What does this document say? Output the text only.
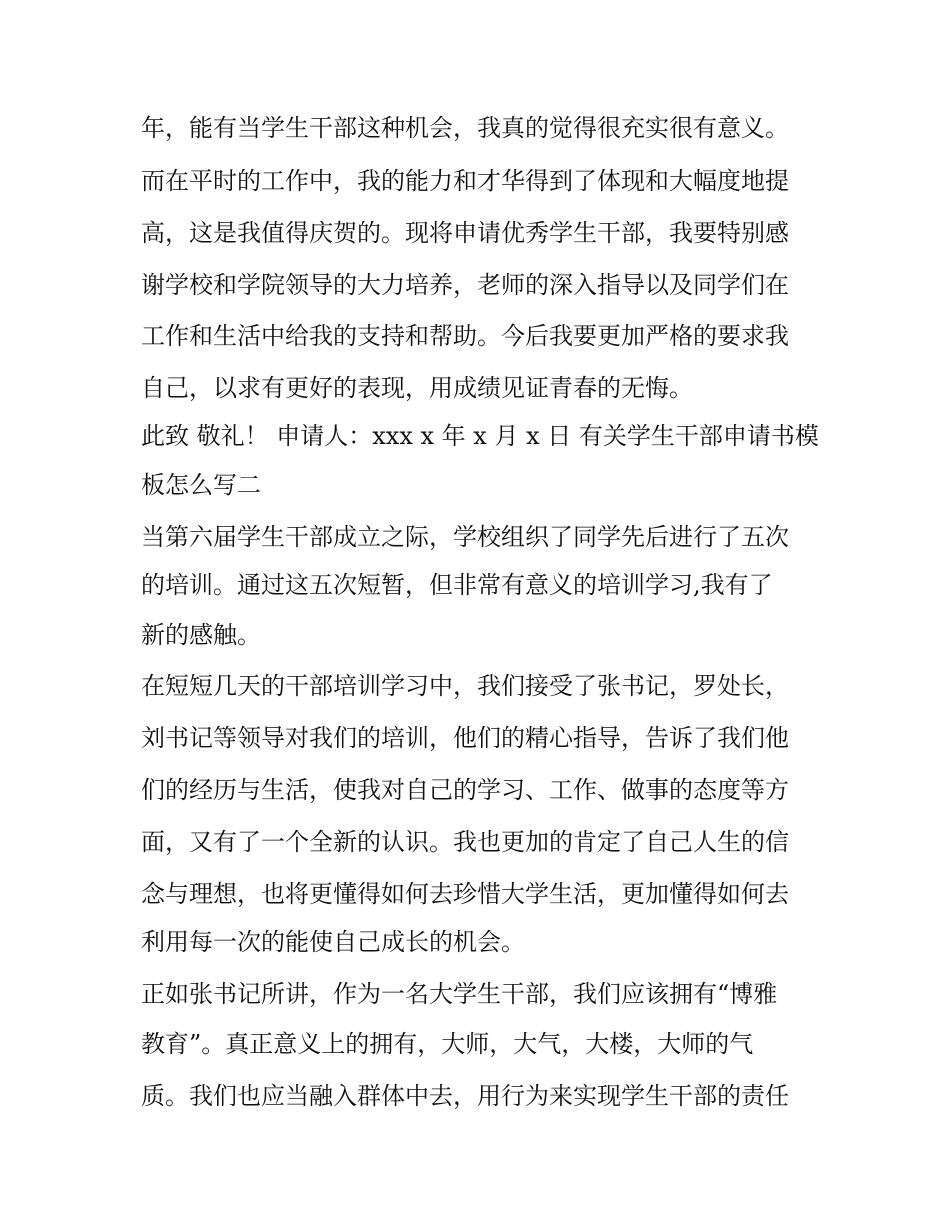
年，能有当学生干部这种机会，我真的觉得很充实很有意义。
而在平时的工作中，我的能力和才华得到了体现和大幅度地提
高，这是我值得庆贺的。现将申请优秀学生干部，我要特别感
谢学校和学院领导的大力培养，老师的深入指导以及同学们在
工作和生活中给我的支持和帮助。今后我要更加严格的要求我
自己，以求有更好的表现，用成绩见证青春的无悔。
此致 敬礼！ 申请人：xxx x 年 x 月 x 日 有关学生干部申请书模
板怎么写二
当第六届学生干部成立之际，学校组织了同学先后进行了五次
的培训。通过这五次短暂，但非常有意义的培训学习,我有了
新的感触。
在短短几天的干部培训学习中，我们接受了张书记，罗处长，
刘书记等领导对我们的培训，他们的精心指导，告诉了我们他
们的经历与生活，使我对自己的学习、工作、做事的态度等方
面，又有了一个全新的认识。我也更加的肯定了自己人生的信
念与理想，也将更懂得如何去珍惜大学生活，更加懂得如何去
利用每一次的能使自己成长的机会。
正如张书记所讲，作为一名大学生干部，我们应该拥有“博雅
教育”。真正意义上的拥有，大师，大气，大楼，大师的气
质。我们也应当融入群体中去，用行为来实现学生干部的责任
